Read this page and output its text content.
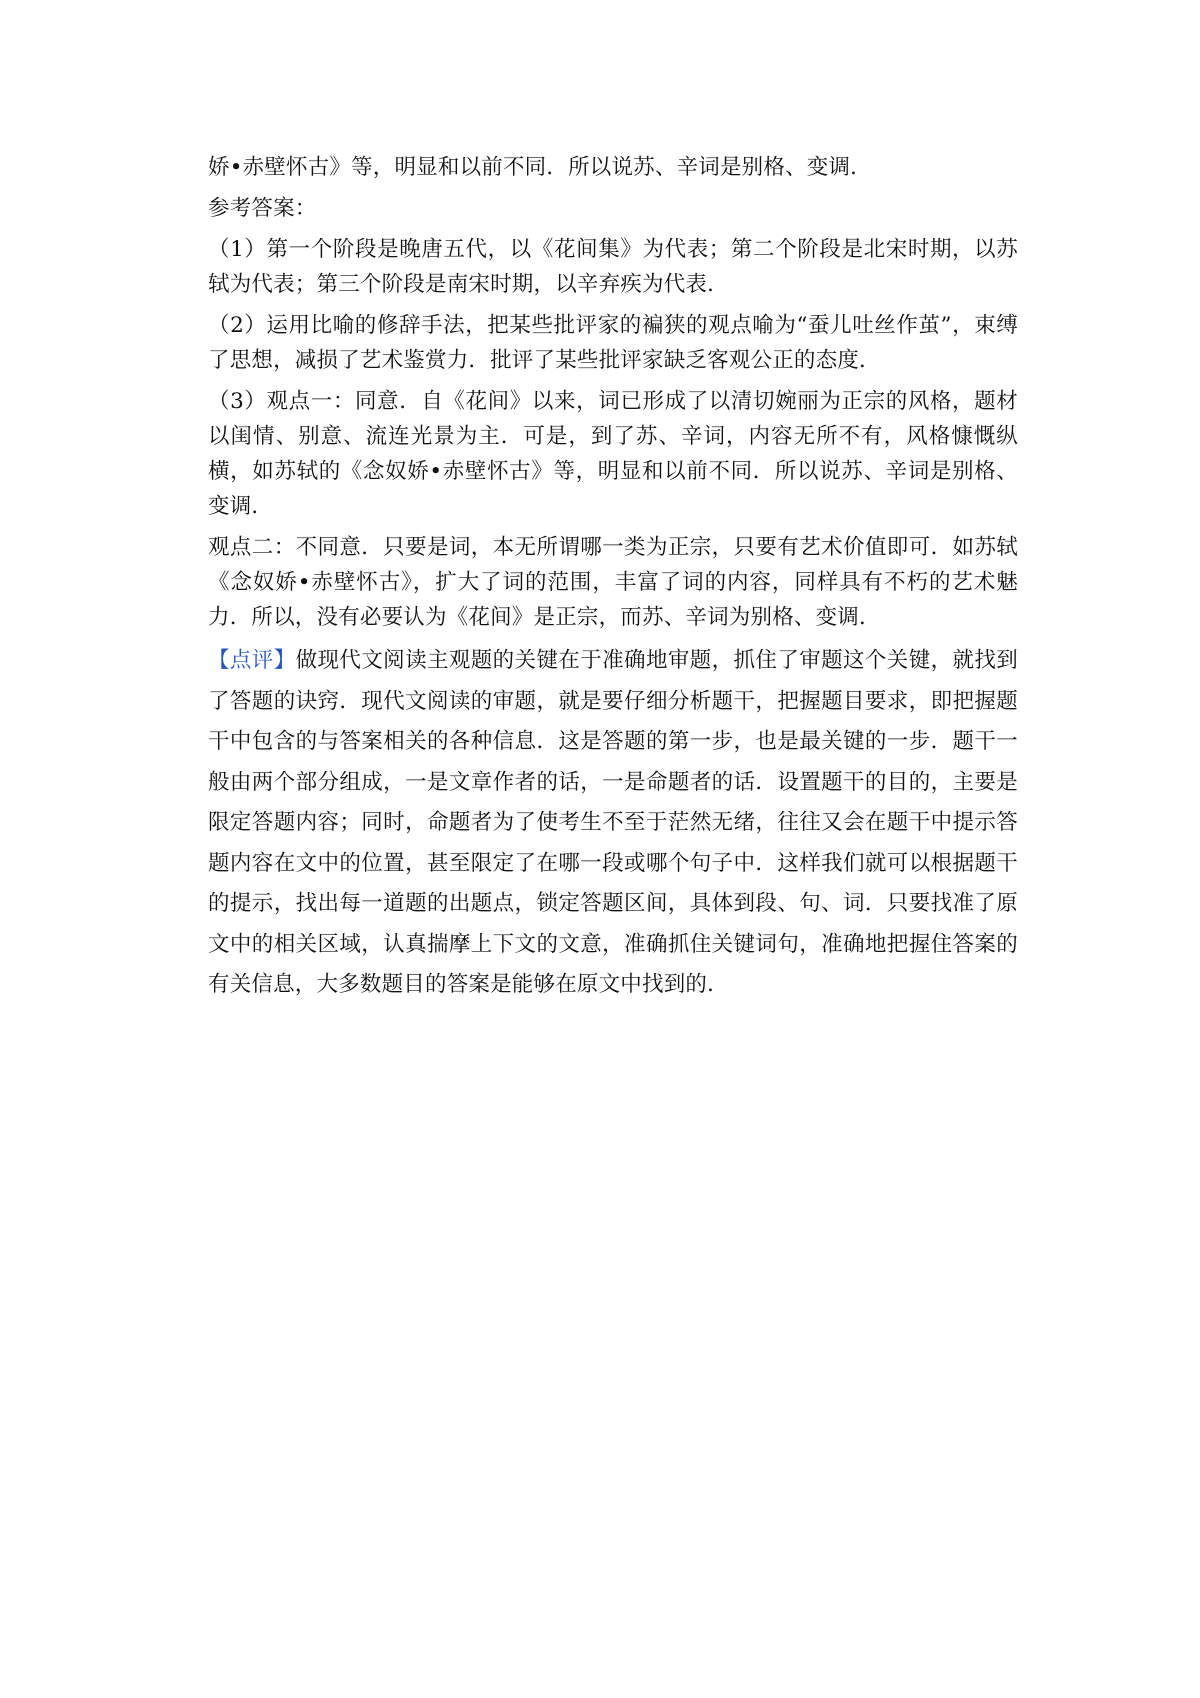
娇•赤壁怀古》等，明显和以前不同．所以说苏、辛词是别格、变调．

参考答案：

（1）第一个阶段是晚唐五代，以《花间集》为代表；第二个阶段是北宋时期，以苏轼为代表；第三个阶段是南宋时期，以辛弃疾为代表．

（2）运用比喻的修辞手法，把某些批评家的褊狭的观点喻为“蚕儿吐丝作茧”，束缚了思想，减损了艺术鉴赏力．批评了某些批评家缺乏客观公正的态度．

（3）观点一：同意．自《花间》以来，词已形成了以清切婉丽为正宗的风格，题材以闺情、别意、流连光景为主．可是，到了苏、辛词，内容无所不有，风格慷慨纵横，如苏轼的《念奴娇•赤壁怀古》等，明显和以前不同．所以说苏、辛词是别格、变调．

观点二：不同意．只要是词，本无所谓哪一类为正宗，只要有艺术价值即可．如苏轼《念奴娇•赤壁怀古》，扩大了词的范围，丰富了词的内容，同样具有不朽的艺术魅力．所以，没有必要认为《花间》是正宗，而苏、辛词为别格、变调．

【点评】做现代文阅读主观题的关键在于准确地审题，抓住了审题这个关键，就找到了答题的诀窍．现代文阅读的审题，就是要仔细分析题干，把握题目要求，即把握题干中包含的与答案相关的各种信息．这是答题的第一步，也是最关键的一步．题干一般由两个部分组成，一是文章作者的话，一是命题者的话．设置题干的目的，主要是限定答题内容；同时，命题者为了使考生不至于茫然无绪，往往又会在题干中提示答题内容在文中的位置，甚至限定了在哪一段或哪个句子中．这样我们就可以根据题干的提示，找出每一道题的出题点，锁定答题区间，具体到段、句、词．只要找准了原文中的相关区域，认真揣摩上下文的文意，准确抓住关键词句，准确地把握住答案的有关信息，大多数题目的答案是能够在原文中找到的．
